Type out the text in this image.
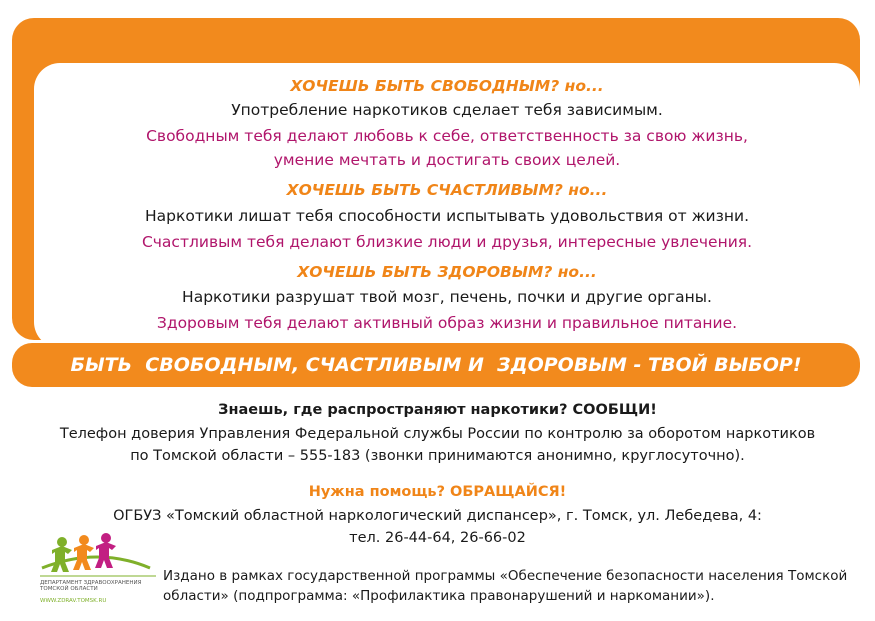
ХОЧЕШЬ БЫТЬ СВОБОДНЫМ? но...
Употребление наркотиков сделает тебя зависимым.
Свободным тебя делают любовь к себе, ответственность за свою жизнь,
умение мечтать и достигать своих целей.
ХОЧЕШЬ БЫТЬ СЧАСТЛИВЫМ? но...
Наркотики лишат тебя способности испытывать удовольствия от жизни.
Счастливым тебя делают близкие люди и друзья, интересные увлечения.
ХОЧЕШЬ БЫТЬ ЗДОРОВЫМ? но...
Наркотики разрушат твой мозг, печень, почки и другие органы.
Здоровым тебя делают активный образ жизни и правильное питание.
БЫТЬ  СВОБОДНЫМ, СЧАСТЛИВЫМ И  ЗДОРОВЫМ - ТВОЙ ВЫБОР!
Знаешь, где распространяют наркотики? СООБЩИ!
Телефон доверия Управления Федеральной службы России по контролю за оборотом наркотиков
по Томской области – 555-183 (звонки принимаются анонимно, круглосуточно).
Нужна помощь? ОБРАЩАЙСЯ!
ОГБУЗ «Томский областной наркологический диспансер», г. Томск, ул. Лебедева, 4:
тел. 26-44-64, 26-66-02
ДЕПАРТАМЕНТ ЗДРАВООХРАНЕНИЯ
ТОМСКОЙ ОБЛАСТИ
WWW.ZDRAV.TOMSK.RU
Издано в рамках государственной программы «Обеспечение безопасности населения Томской
области» (подпрограмма: «Профилактика правонарушений и наркомании»).
